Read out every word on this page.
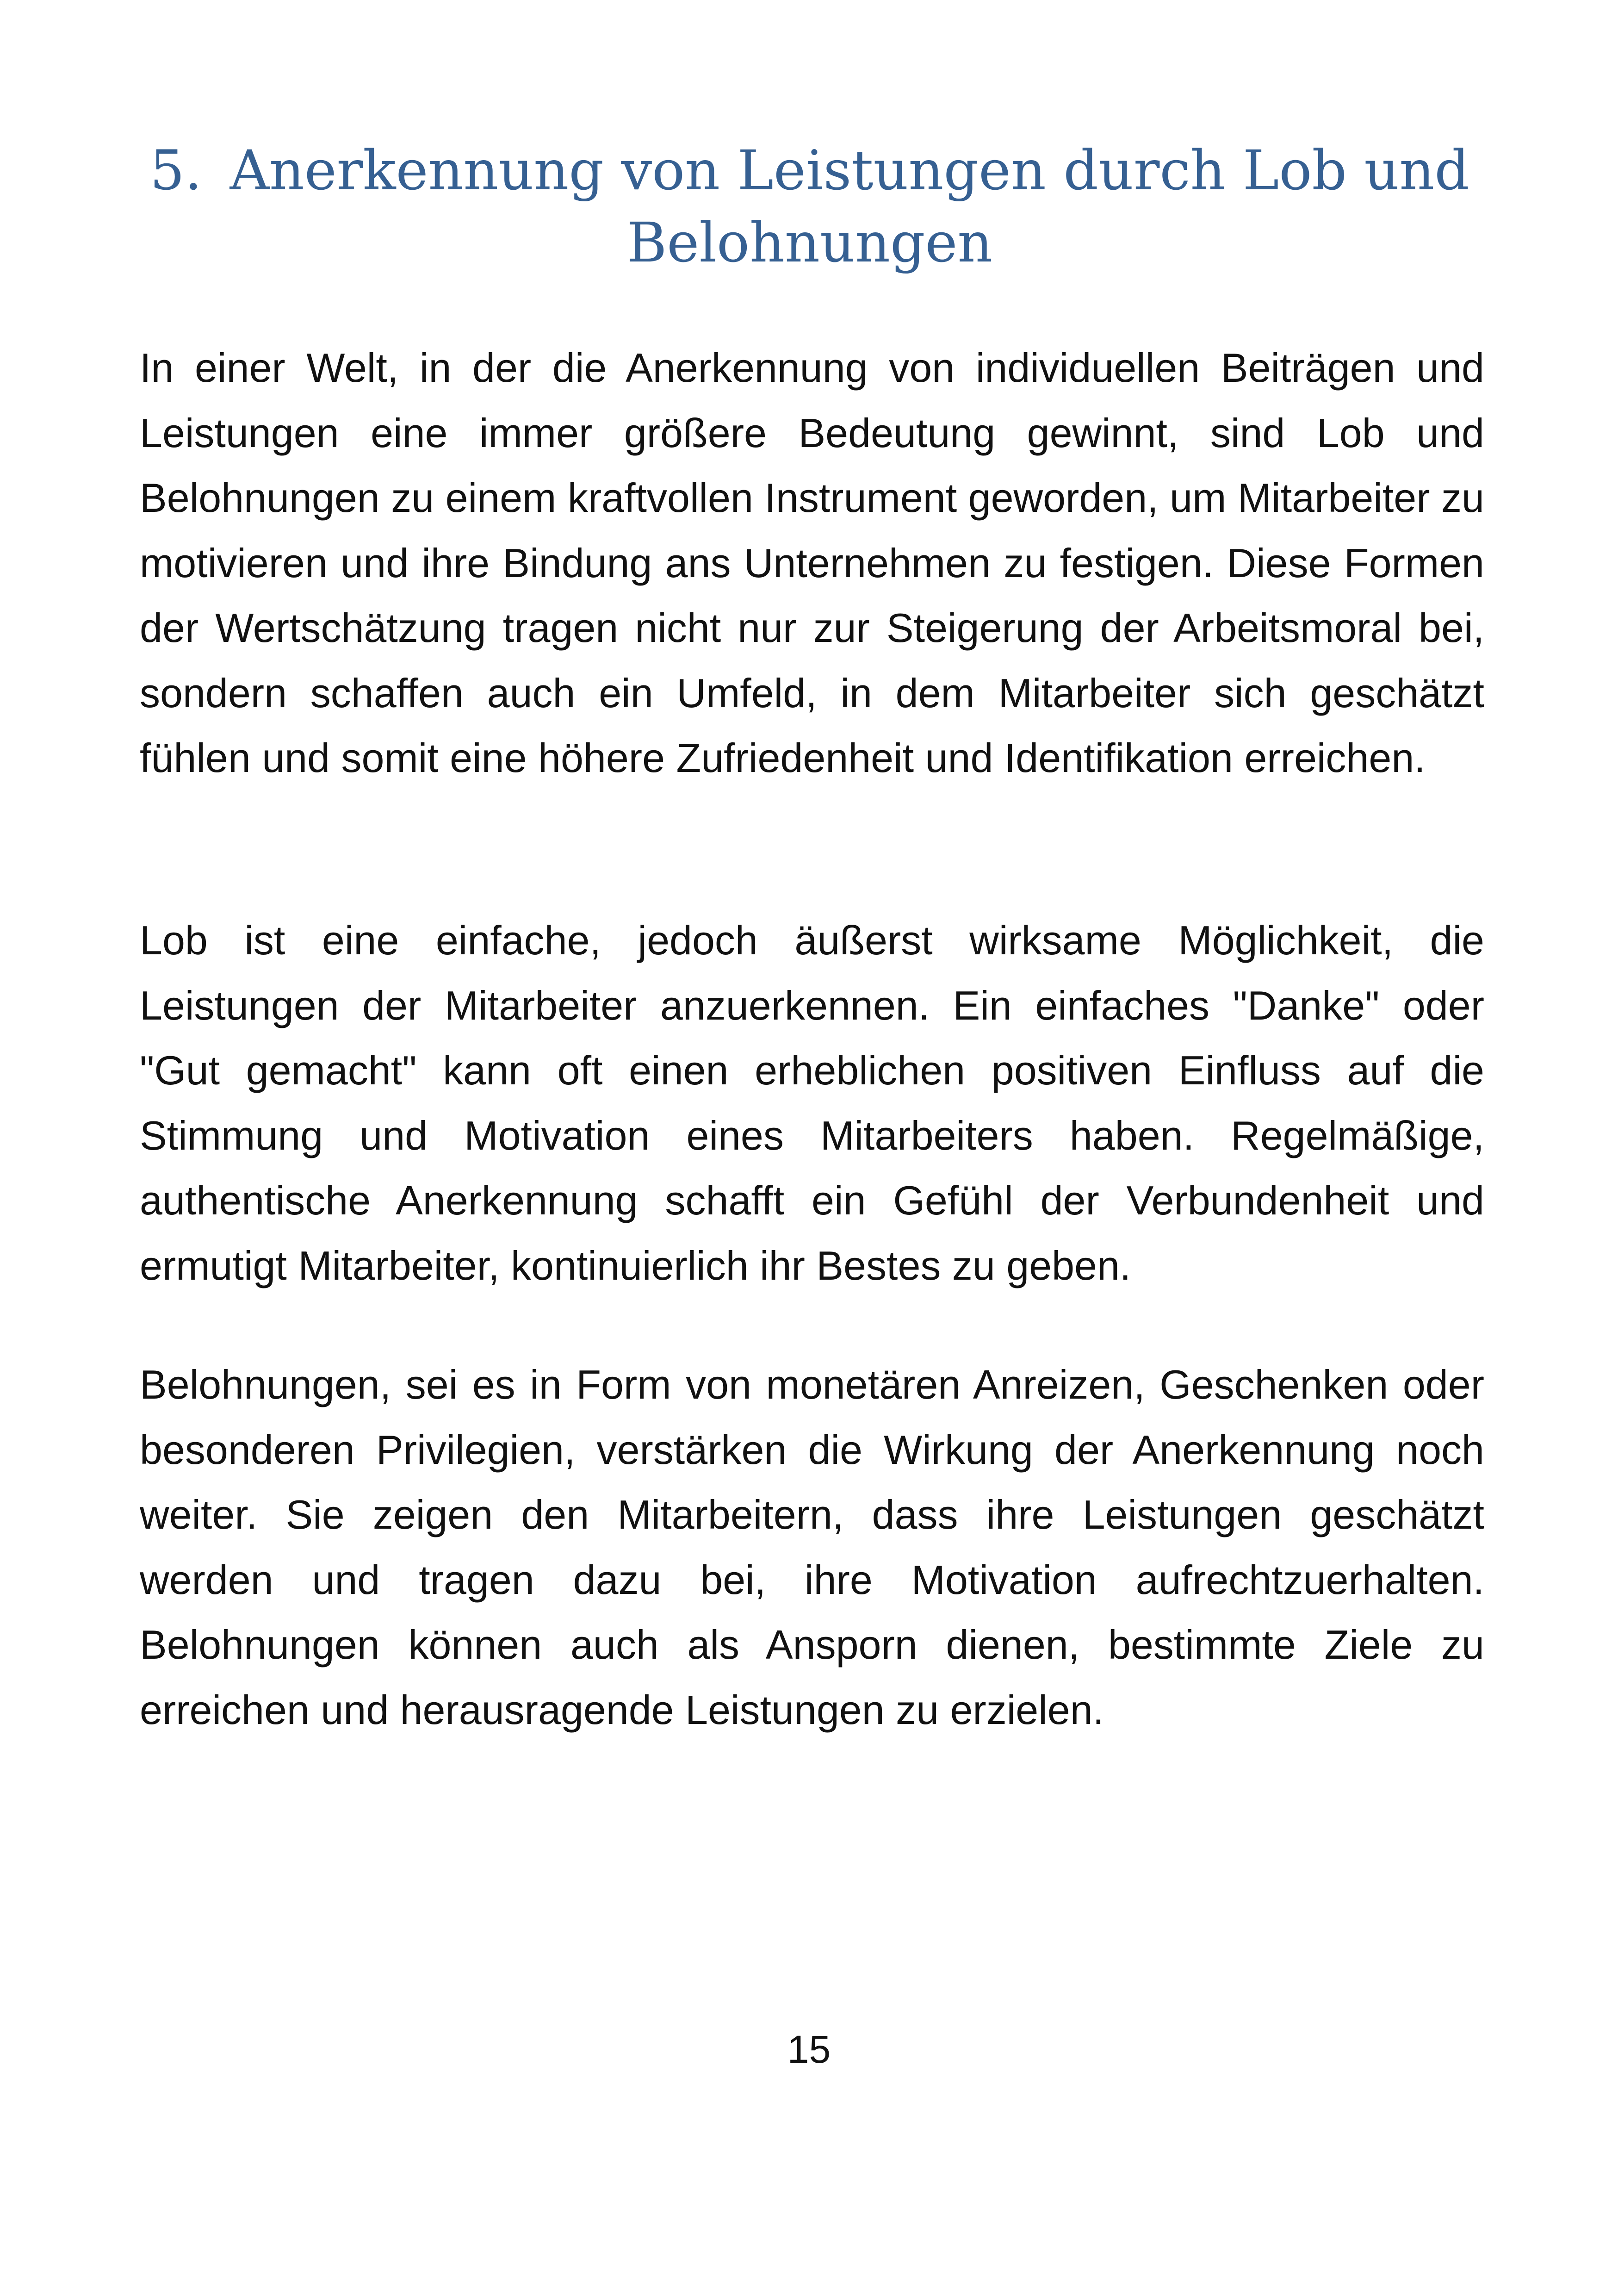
5. Anerkennung von Leistungen durch Lob und
Belohnungen

In einer Welt, in der die Anerkennung von individuellen Beiträgen und Leistungen eine immer größere Bedeutung gewinnt, sind Lob und Belohnungen zu einem kraftvollen Instrument geworden, um Mitarbeiter zu motivieren und ihre Bindung ans Unternehmen zu festigen. Diese Formen der Wertschätzung tragen nicht nur zur Steigerung der Arbeitsmoral bei, sondern schaffen auch ein Umfeld, in dem Mitarbeiter sich geschätzt fühlen und somit eine höhere Zufriedenheit und Identifikation erreichen.

Lob ist eine einfache, jedoch äußerst wirksame Möglichkeit, die Leistungen der Mitarbeiter anzuerkennen. Ein einfaches "Danke" oder "Gut gemacht" kann oft einen erheblichen positiven Einfluss auf die Stimmung und Motivation eines Mitarbeiters haben. Regelmäßige, authentische Anerkennung schafft ein Gefühl der Verbundenheit und ermutigt Mitarbeiter, kontinuierlich ihr Bestes zu geben.

Belohnungen, sei es in Form von monetären Anreizen, Geschenken oder besonderen Privilegien, verstärken die Wirkung der Anerkennung noch weiter. Sie zeigen den Mitarbeitern, dass ihre Leistungen geschätzt werden und tragen dazu bei, ihre Motivation aufrechtzuerhalten. Belohnungen können auch als Ansporn dienen, bestimmte Ziele zu erreichen und herausragende Leistungen zu erzielen.

15
